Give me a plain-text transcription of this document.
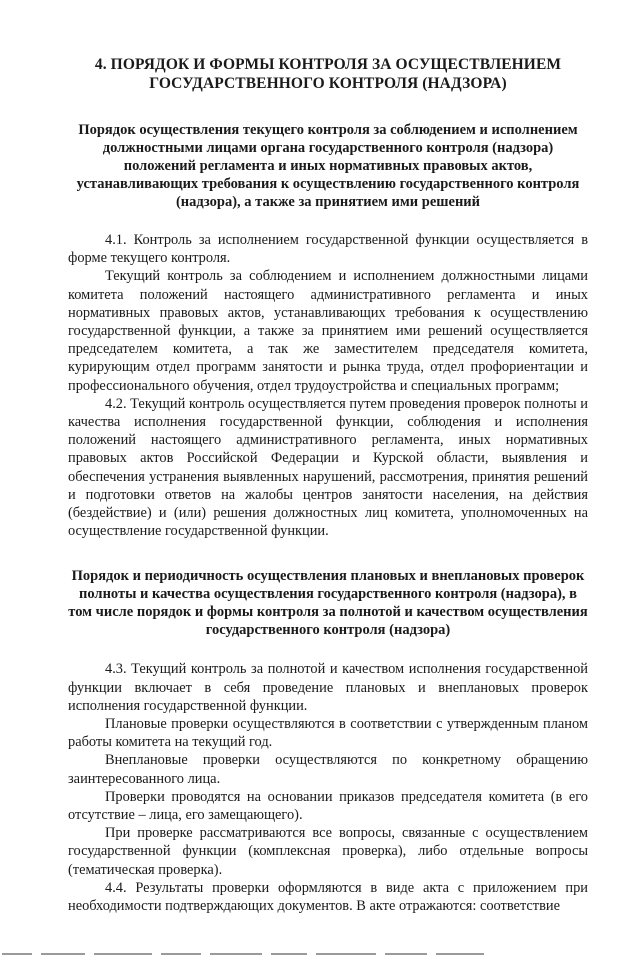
4. ПОРЯДОК И ФОРМЫ КОНТРОЛЯ ЗА ОСУЩЕСТВЛЕНИЕМ ГОСУДАРСТВЕННОГО КОНТРОЛЯ (НАДЗОРА)
Порядок осуществления текущего контроля за соблюдением и исполнением должностными лицами органа государственного контроля (надзора) положений регламента и иных нормативных правовых актов, устанавливающих требования к осуществлению государственного контроля (надзора), а также за принятием ими решений

4.1. Контроль за исполнением государственной функции осуществляется в форме текущего контроля.

Текущий контроль за соблюдением и исполнением должностными лицами комитета положений настоящего административного регламента и иных нормативных правовых актов, устанавливающих требования к осуществлению государственной функции, а также за принятием ими решений осуществляется председателем комитета, а так же заместителем председателя комитета, курирующим отдел программ занятости и рынка труда, отдел профориентации и профессионального обучения, отдел трудоустройства и специальных программ;

4.2. Текущий контроль осуществляется путем проведения проверок полноты и качества исполнения государственной функции, соблюдения и исполнения положений настоящего административного регламента, иных нормативных правовых актов Российской Федерации и Курской области, выявления и обеспечения устранения выявленных нарушений, рассмотрения, принятия решений и подготовки ответов на жалобы центров занятости населения, на действия (бездействие) и (или) решения должностных лиц комитета, уполномоченных на осуществление государственной функции.

Порядок и периодичность осуществления плановых и внеплановых проверок полноты и качества осуществления государственного контроля (надзора), в том числе порядок и формы контроля за полнотой и качеством осуществления государственного контроля (надзора)

4.3. Текущий контроль за полнотой и качеством исполнения государственной функции включает в себя проведение плановых и внеплановых проверок исполнения государственной функции.

Плановые проверки осуществляются в соответствии с утвержденным планом работы комитета на текущий год.

Внеплановые проверки осуществляются по конкретному обращению заинтересованного лица.

Проверки проводятся на основании приказов председателя комитета (в его отсутствие – лица, его замещающего).

При проверке рассматриваются все вопросы, связанные с осуществлением государственной функции (комплексная проверка), либо отдельные вопросы (тематическая проверка).

4.4. Результаты проверки оформляются в виде акта с приложением при необходимости подтверждающих документов. В акте отражаются: соответствие
